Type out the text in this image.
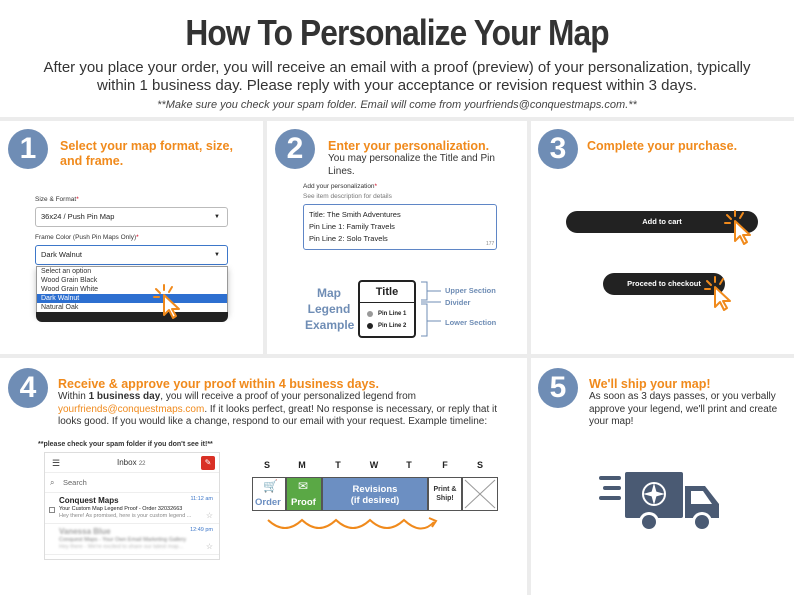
How To Personalize Your Map
After you place your order, you will receive an email with a proof (preview) of your personalization, typically within 1 business day. Please reply with your acceptance or revision request within 3 days.
**Make sure you check your spam folder. Email will come from yourfriends@conquestmaps.com.**
1	Select your map format, size, and frame.
Size & Format*
36x24 / Push Pin Map	▼
Frame Color (Push Pin Maps Only)*
Dark Walnut	▼
Select an option
Wood Grain Black
Wood Grain White
Dark Walnut
Natural Oak
2	Enter your personalization.
You may personalize the Title and Pin Lines.
Add your personalization*
See item description for details
Title: The Smith Adventures
Pin Line 1: Family Travels
Pin Line 2: Solo Travels
177
Map
Legend
Example
Title
Pin Line 1
Pin Line 2
Upper Section
Divider
Lower Section
3	Complete your purchase.
Add to cart
Proceed to checkout
4	Receive & approve your proof within 4 business days.
Within 1 business day, you will receive a proof of your personalized legend from yourfriends@conquestmaps.com. If it looks perfect, great! No response is necessary, or reply that it looks good. If you would like a change, respond to our email with your request. Example timeline:
**please check your spam folder if you don't see it!**
☰	Inbox 22	✎
⌕ Search
Conquest Maps
Your Custom Map Legend Proof - Order 32032663
Hey there! As promised, here is your custom legend ...
11:12 am
☆
Vanessa Blue
Conquest Maps - Your Own Email Marketing Gallery
Hey there - We're excited to share our latest map...
12:49 pm
☆
S	M	T	W	T	F	S
🛒
Order
✉
Proof
Revisions
(if desired)
Print &
Ship!
5	We'll ship your map!
As soon as 3 days passes, or you verbally approve your legend, we'll print and create your map!
